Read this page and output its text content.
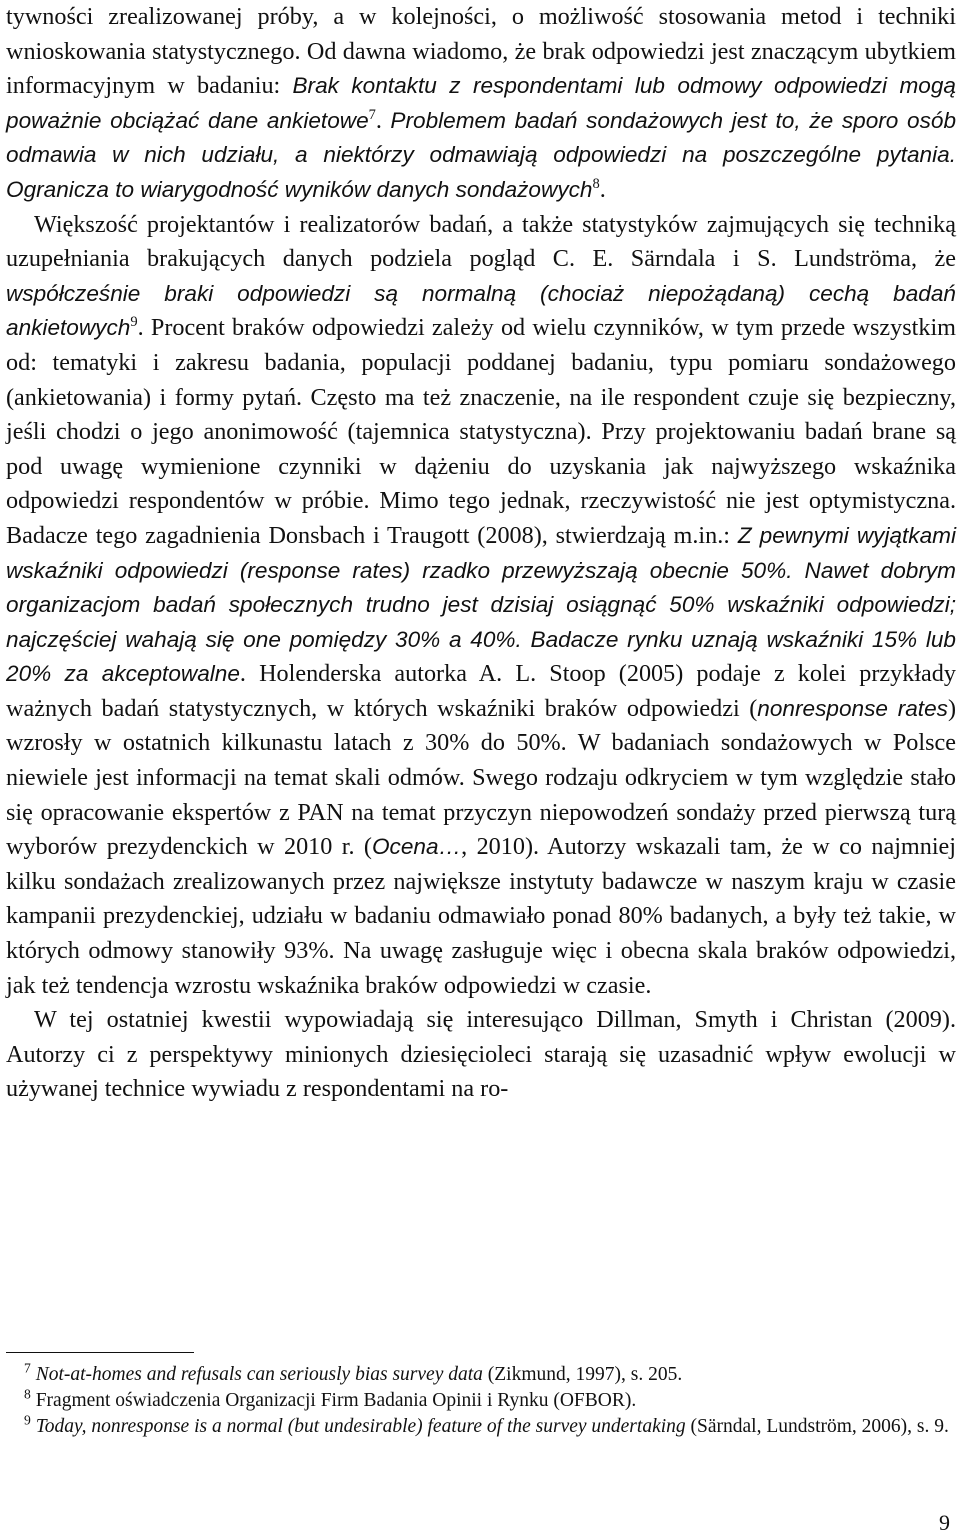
tywności zrealizowanej próby, a w kolejności, o możliwość stosowania metod i techniki wnioskowania statystycznego. Od dawna wiadomo, że brak odpowiedzi jest znaczącym ubytkiem informacyjnym w badaniu: Brak kontaktu z respondentami lub odmowy odpowiedzi mogą poważnie obciążać dane ankietowe$^7$. Problemem badań sondażowych jest to, że sporo osób odmawia w nich udziału, a niektórzy odmawiają odpowiedzi na poszczególne pytania. Ogranicza to wiarygodność wyników danych sondażowych$^8$.

Większość projektantów i realizatorów badań, a także statystyków zajmujących się techniką uzupełniania brakujących danych podziela pogląd C. E. Särndala i S. Lundströma, że współcześnie braki odpowiedzi są normalną (chociaż niepożądaną) cechą badań ankietowych$^9$. Procent braków odpowiedzi zależy od wielu czynników, w tym przede wszystkim od: tematyki i zakresu badania, populacji poddanej badaniu, typu pomiaru sondażowego (ankietowania) i formy pytań. Często ma też znaczenie, na ile respondent czuje się bezpieczny, jeśli chodzi o jego anonimowość (tajemnica statystyczna). Przy projektowaniu badań brane są pod uwagę wymienione czynniki w dążeniu do uzyskania jak najwyższego wskaźnika odpowiedzi respondentów w próbie. Mimo tego jednak, rzeczywistość nie jest optymistyczna. Badacze tego zagadnienia Donsbach i Traugott (2008), stwierdzają m.in.: Z pewnymi wyjątkami wskaźniki odpowiedzi (response rates) rzadko przewyższają obecnie 50%. Nawet dobrym organizacjom badań społecznych trudno jest dzisiaj osiągnąć 50% wskaźniki odpowiedzi; najczęściej wahają się one pomiędzy 30% a 40%. Badacze rynku uznają wskaźniki 15% lub 20% za akceptowalne. Holenderska autorka A. L. Stoop (2005) podaje z kolei przykłady ważnych badań statystycznych, w których wskaźniki braków odpowiedzi (nonresponse rates) wzrosły w ostatnich kilkunastu latach z 30% do 50%. W badaniach sondażowych w Polsce niewiele jest informacji na temat skali odmów. Swego rodzaju odkryciem w tym względzie stało się opracowanie ekspertów z PAN na temat przyczyn niepowodzeń sondaży przed pierwszą turą wyborów prezydenckich w 2010 r. (Ocena…, 2010). Autorzy wskazali tam, że w co najmniej kilku sondażach zrealizowanych przez największe instytuty badawcze w naszym kraju w czasie kampanii prezydenckiej, udziału w badaniu odmawiało ponad 80% badanych, a były też takie, w których odmowy stanowiły 93%. Na uwagę zasługuje więc i obecna skala braków odpowiedzi, jak też tendencja wzrostu wskaźnika braków odpowiedzi w czasie.

W tej ostatniej kwestii wypowiadają się interesująco Dillman, Smyth i Christan (2009). Autorzy ci z perspektywy minionych dziesięcioleci starają się uzasadnić wpływ ewolucji w używanej technice wywiadu z respondentami na ro-

$^7$ Not-at-homes and refusals can seriously bias survey data (Zikmund, 1997), s. 205.

$^8$ Fragment oświadczenia Organizacji Firm Badania Opinii i Rynku (OFBOR).

$^9$ Today, nonresponse is a normal (but undesirable) feature of the survey undertaking (Särndal, Lundström, 2006), s. 9.

9
